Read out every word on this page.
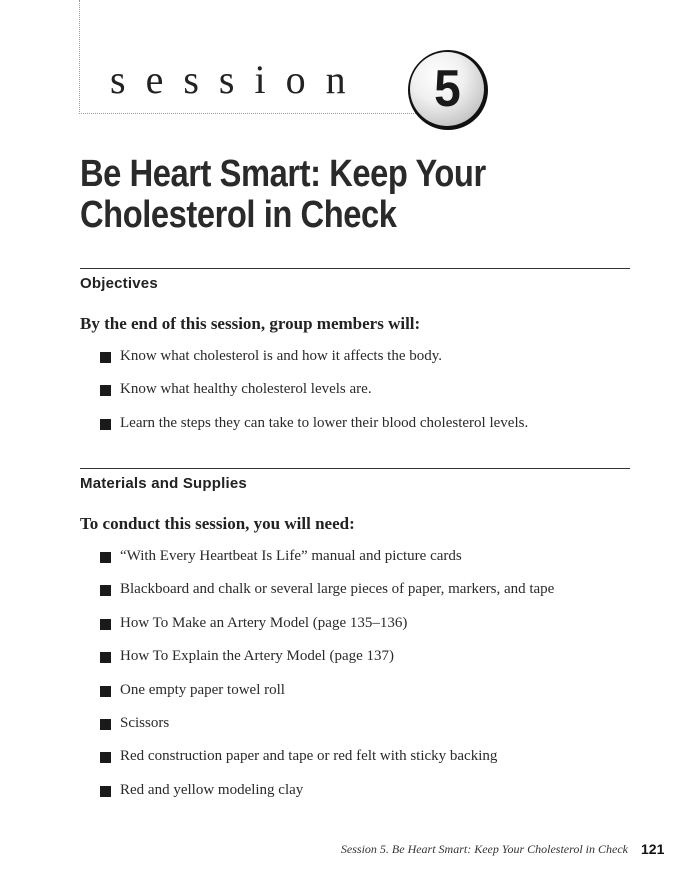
session 5
Be Heart Smart: Keep Your
Cholesterol in Check
Objectives
By the end of this session, group members will:
Know what cholesterol is and how it affects the body.
Know what healthy cholesterol levels are.
Learn the steps they can take to lower their blood cholesterol levels.
Materials and Supplies
To conduct this session, you will need:
“With Every Heartbeat Is Life” manual and picture cards
Blackboard and chalk or several large pieces of paper, markers, and tape
How To Make an Artery Model (page 135–136)
How To Explain the Artery Model (page 137)
One empty paper towel roll
Scissors
Red construction paper and tape or red felt with sticky backing
Red and yellow modeling clay
Session 5. Be Heart Smart: Keep Your Cholesterol in Check 121
